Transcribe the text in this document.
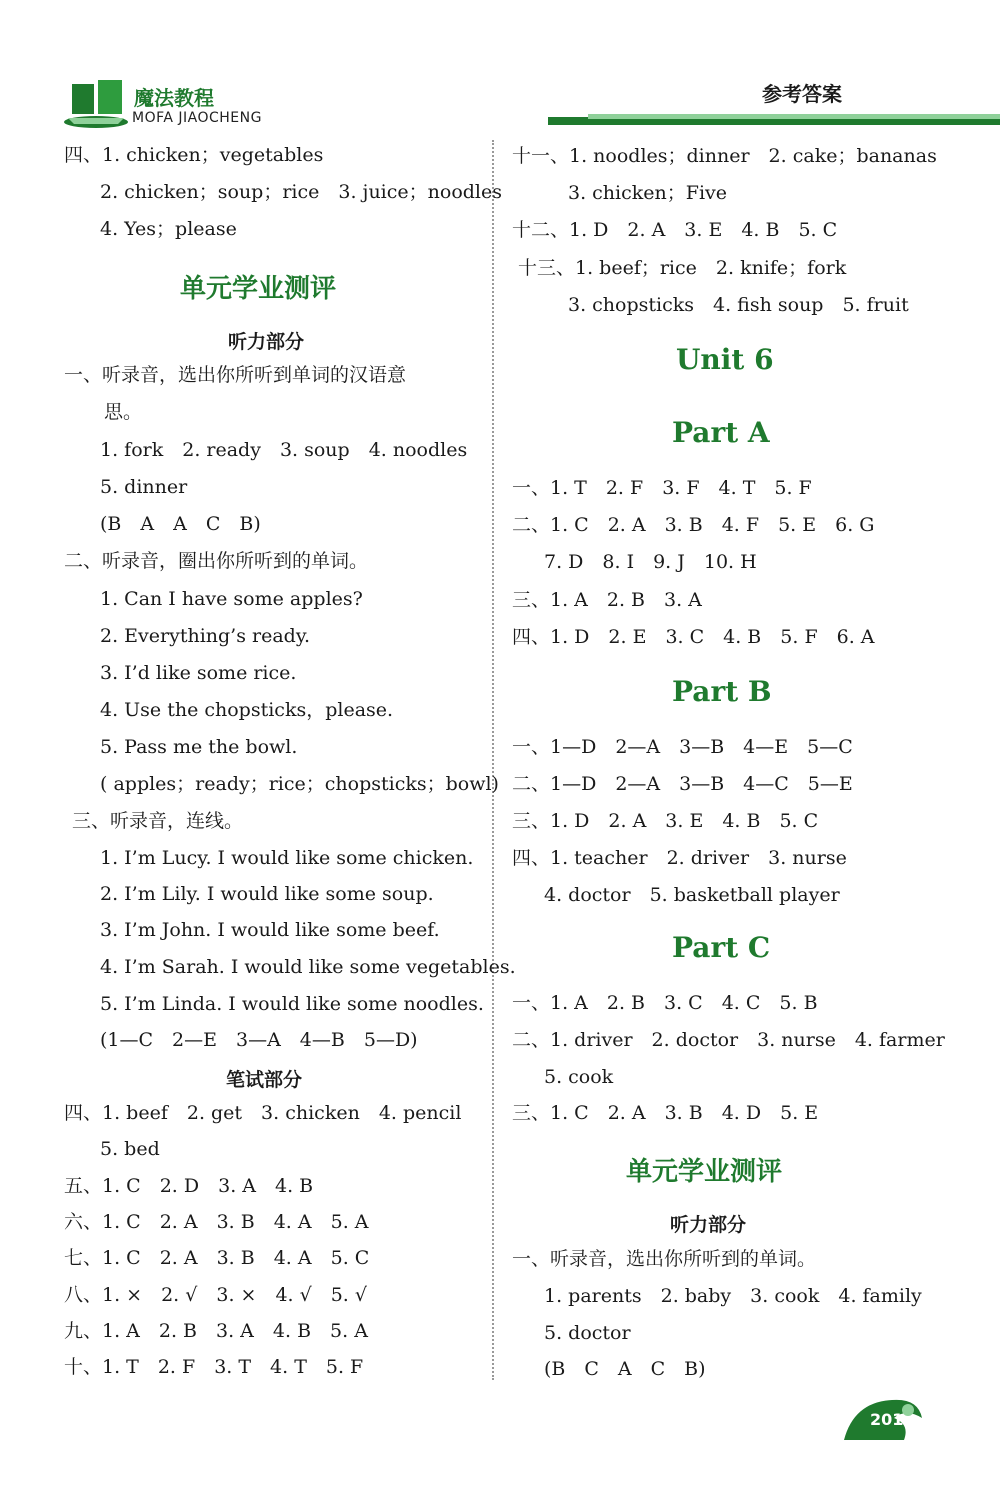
魔法教程
MOFA JIAOCHENG
参考答案
四、1. chicken；vegetables
2. chicken；soup；rice　3. juice；noodles
4. Yes；please
单元学业测评
听力部分
一、听录音，选出你所听到单词的汉语意
思。
1. fork　2. ready　3. soup　4. noodles
5. dinner
(B　A　A　C　B)
二、听录音，圈出你所听到的单词。
1. Can I have some apples?
2. Everything’s ready.
3. I’d like some rice.
4. Use the chopsticks，please.
5. Pass me the bowl.
( apples；ready；rice；chopsticks；bowl)
三、听录音，连线。
1. I’m Lucy. I would like some chicken.
2. I’m Lily. I would like some soup.
3. I’m John. I would like some beef.
4. I’m Sarah. I would like some vegetables.
5. I’m Linda. I would like some noodles.
(1—C　2—E　3—A　4—B　5—D)
笔试部分
四、1. beef　2. get　3. chicken　4. pencil
5. bed
五、1. C　2. D　3. A　4. B
六、1. C　2. A　3. B　4. A　5. A
七、1. C　2. A　3. B　4. A　5. C
八、1. ×　2. √　3. ×　4. √　5. √
九、1. A　2. B　3. A　4. B　5. A
十、1. T　2. F　3. T　4. T　5. F
十一、1. noodles；dinner　2. cake；bananas
3. chicken；Five
十二、1. D　2. A　3. E　4. B　5. C
十三、1. beef；rice　2. knife；fork
3. chopsticks　4. fish soup　5. fruit
Unit 6
Part A
一、1. T　2. F　3. F　4. T　5. F
二、1. C　2. A　3. B　4. F　5. E　6. G
7. D　8. I　9. J　10. H
三、1. A　2. B　3. A
四、1. D　2. E　3. C　4. B　5. F　6. A
Part B
一、1—D　2—A　3—B　4—E　5—C
二、1—D　2—A　3—B　4—C　5—E
三、1. D　2. A　3. E　4. B　5. C
四、1. teacher　2. driver　3. nurse
4. doctor　5. basketball player
Part C
一、1. A　2. B　3. C　4. C　5. B
二、1. driver　2. doctor　3. nurse　4. farmer
5. cook
三、1. C　2. A　3. B　4. D　5. E
单元学业测评
听力部分
一、听录音，选出你所听到的单词。
1. parents　2. baby　3. cook　4. family
5. doctor
(B　C　A　C　B)
201
